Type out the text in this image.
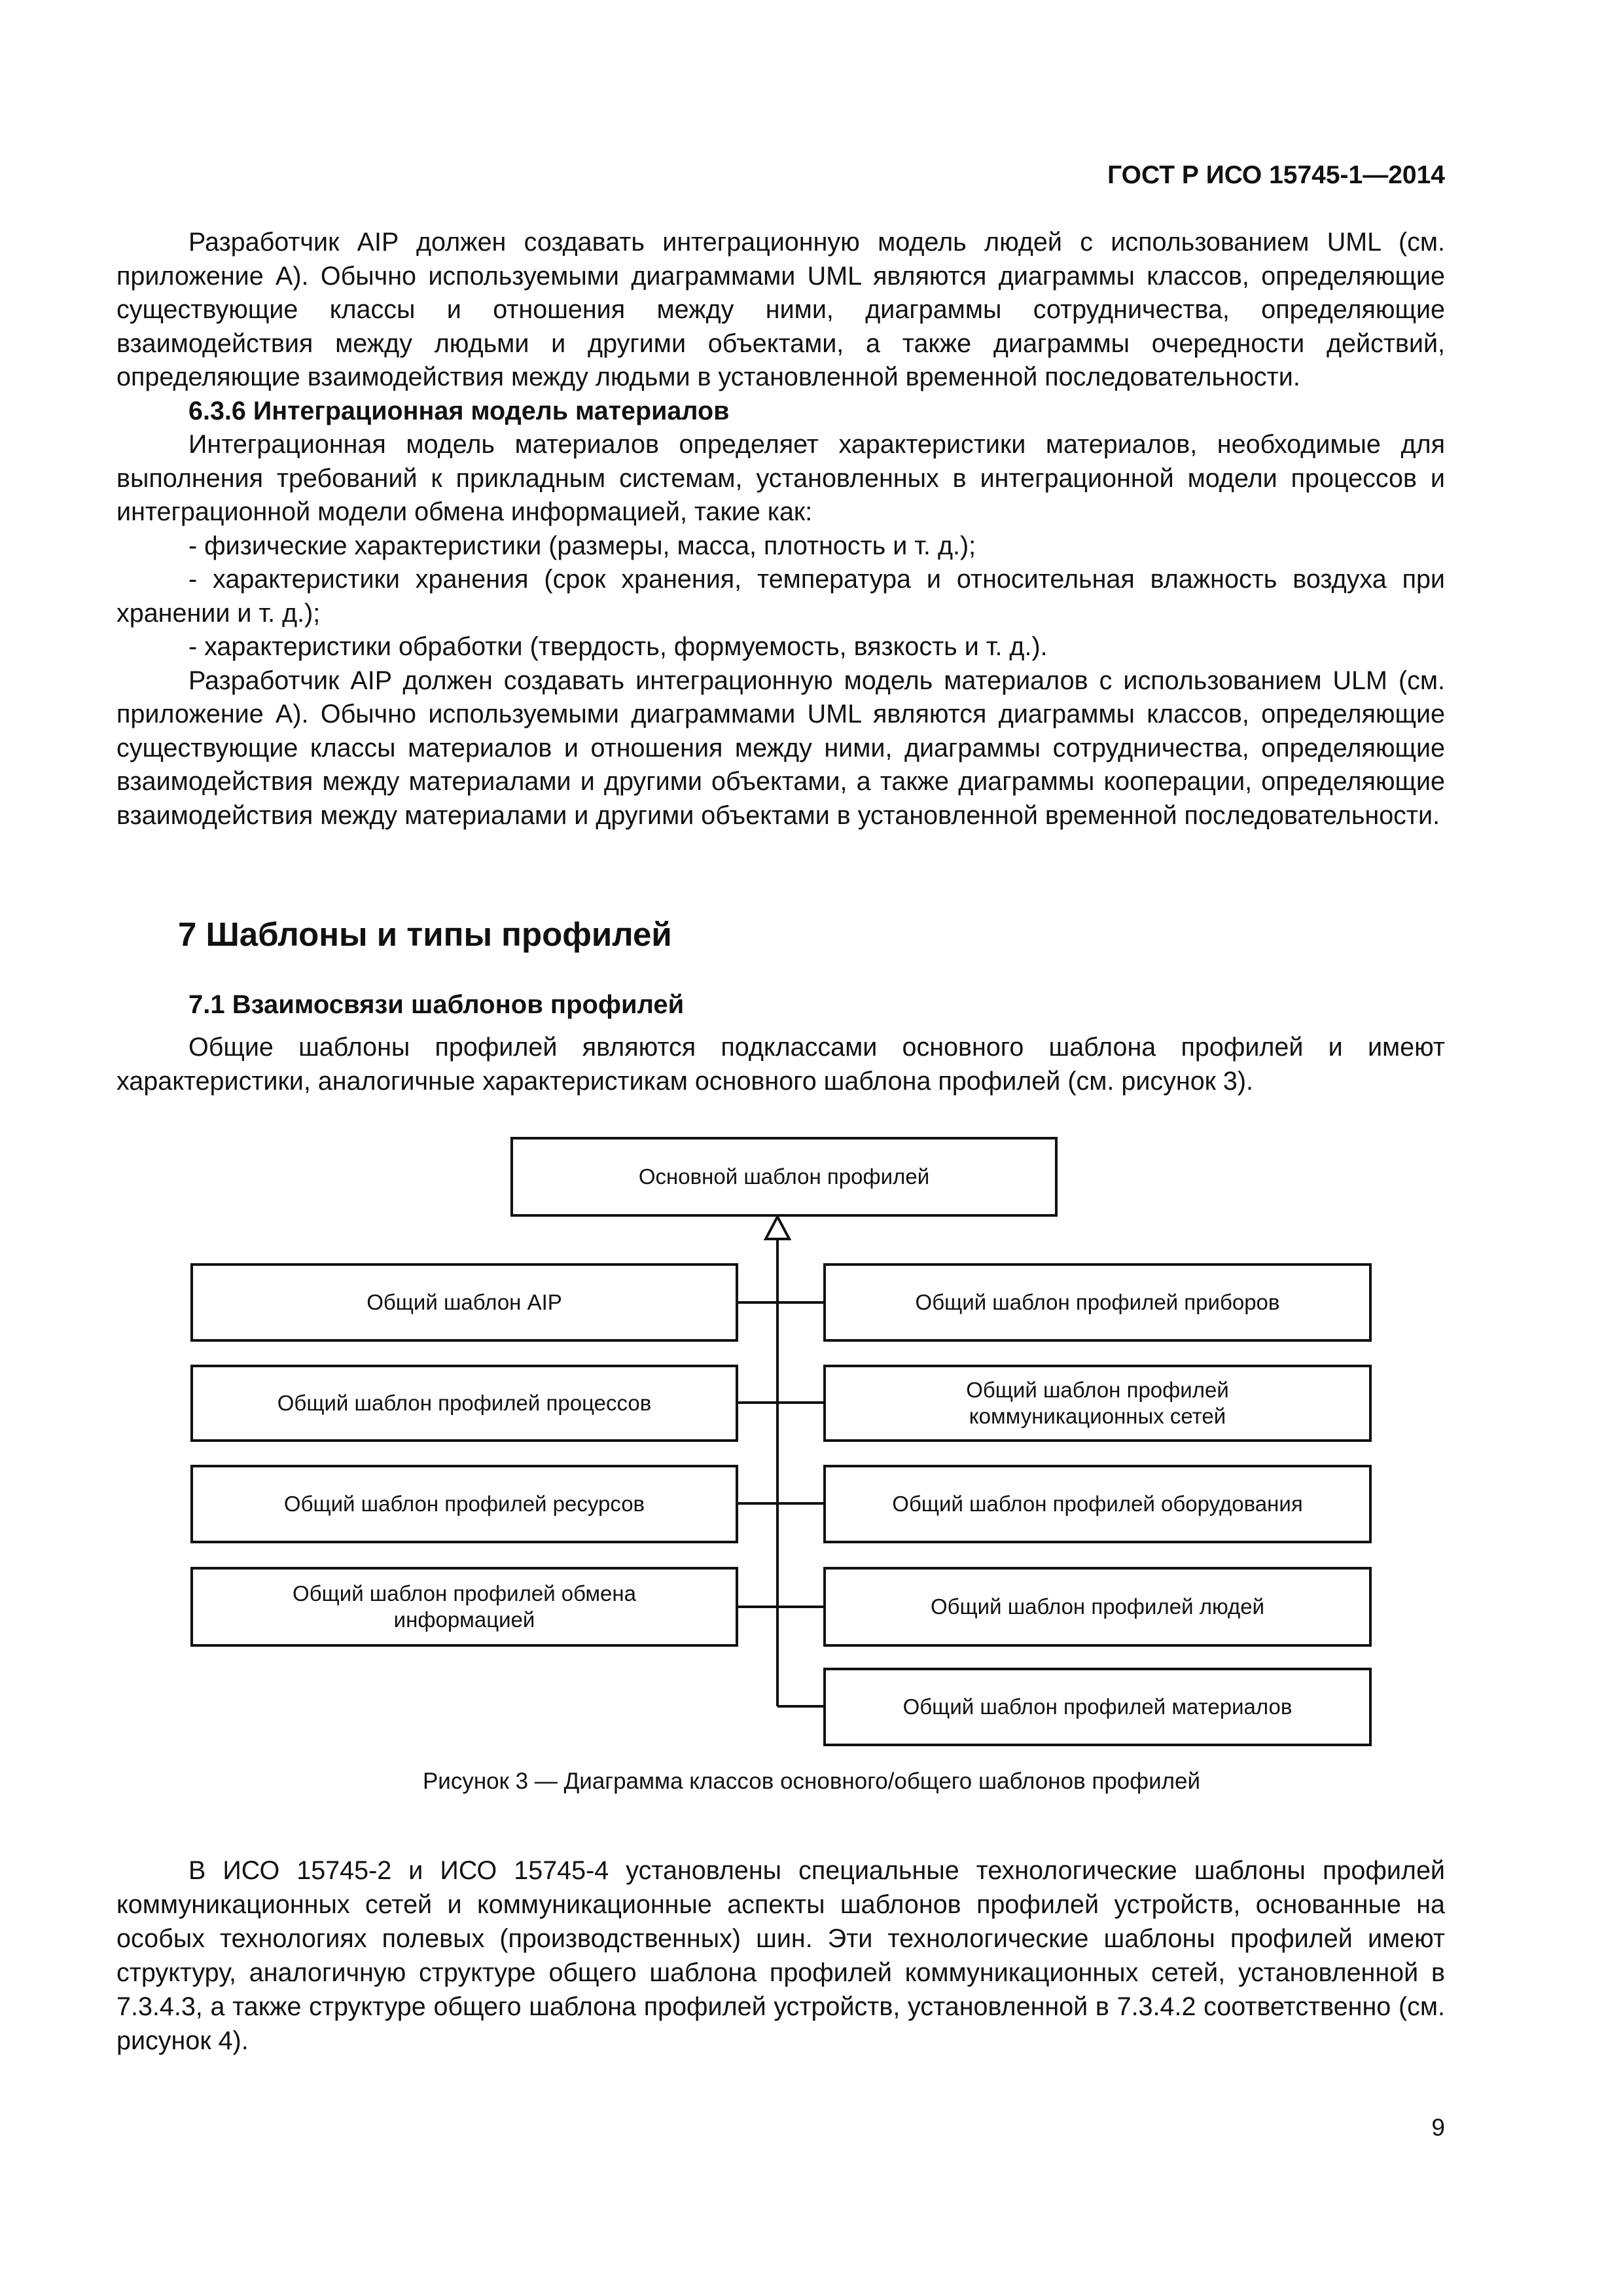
ГОСТ Р ИСО 15745-1—2014

Разработчик AIP должен создавать интеграционную модель людей с использованием UML (см. приложение А). Обычно используемыми диаграммами UML являются диаграммы классов, определяющие существующие классы и отношения между ними, диаграммы сотрудничества, определяющие взаимодействия между людьми и другими объектами, а также диаграммы очередности действий, определяющие взаимодействия между людьми в установленной временной последовательности.

6.3.6 Интеграционная модель материалов

Интеграционная модель материалов определяет характеристики материалов, необходимые для выполнения требований к прикладным системам, установленных в интеграционной модели процессов и интеграционной модели обмена информацией, такие как:

- физические характеристики (размеры, масса, плотность и т. д.);

- характеристики хранения (срок хранения, температура и относительная влажность воздуха при хранении и т. д.);

- характеристики обработки (твердость, формуемость, вязкость и т. д.).

Разработчик AIP должен создавать интеграционную модель материалов с использованием ULM (см. приложение А). Обычно используемыми диаграммами UML являются диаграммы классов, определяющие существующие классы материалов и отношения между ними, диаграммы сотрудничества, определяющие взаимодействия между материалами и другими объектами, а также диаграммы кооперации, определяющие взаимодействия между материалами и другими объектами в установленной временной последовательности.

7 Шаблоны и типы профилей
7.1 Взаимосвязи шаблонов профилей

Общие шаблоны профилей являются подклассами основного шаблона профилей и имеют характеристики, аналогичные характеристикам основного шаблона профилей (см. рисунок 3).

Основной шаблон профилей
Общий шаблон AIP
Общий шаблон профилей процессов
Общий шаблон профилей ресурсов
Общий шаблон профилей обмена информацией
Общий шаблон профилей приборов
Общий шаблон профилей коммуникационных сетей
Общий шаблон профилей оборудования
Общий шаблон профилей людей
Общий шаблон профилей материалов
Рисунок 3 — Диаграмма классов основного/общего шаблонов профилей

В ИСО 15745-2 и ИСО 15745-4 установлены специальные технологические шаблоны профилей коммуникационных сетей и коммуникационные аспекты шаблонов профилей устройств, основанные на особых технологиях полевых (производственных) шин. Эти технологические шаблоны профилей имеют структуру, аналогичную структуре общего шаблона профилей коммуникационных сетей, установленной в 7.3.4.3, а также структуре общего шаблона профилей устройств, установленной в 7.3.4.2 соответственно (см. рисунок 4).

9
